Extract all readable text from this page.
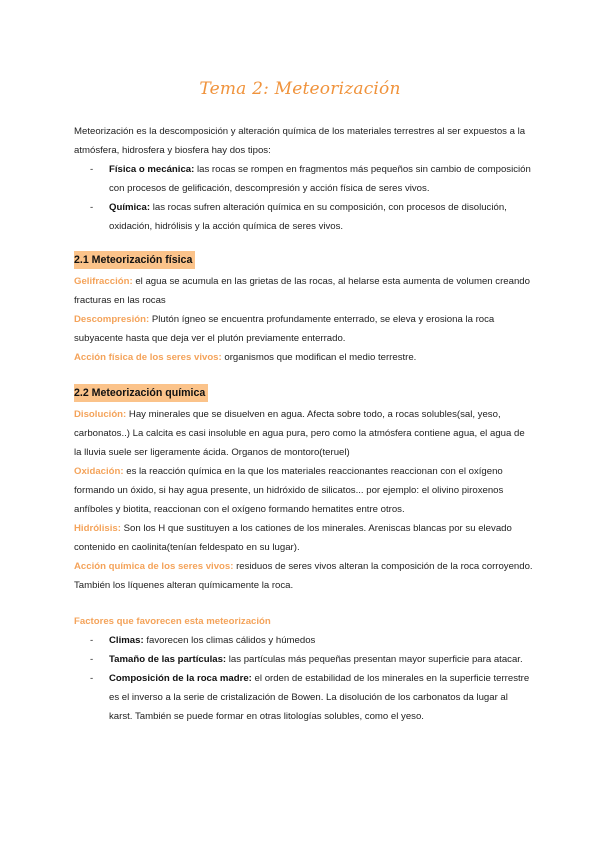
Tema 2: Meteorización
Meteorización es la descomposición y alteración química de los materiales terrestres al ser expuestos a la atmósfera, hidrosfera y biosfera hay dos tipos:
- Física o mecánica: las rocas se rompen en fragmentos más pequeños sin cambio de composición con procesos de gelificación, descompresión y acción física de seres vivos.
- Química: las rocas sufren alteración química en su composición, con procesos de disolución, oxidación, hidrólisis y la acción química de seres vivos.
2.1 Meteorización física
Gelifracción: el agua se acumula en las grietas de las rocas, al helarse esta aumenta de volumen creando fracturas en las rocas
Descompresión: Plutón ígneo se encuentra profundamente enterrado, se eleva y erosiona la roca subyacente hasta que deja ver el plutón previamente enterrado.
Acción física de los seres vivos: organismos que modifican el medio terrestre.
2.2 Meteorización química
Disolución: Hay minerales que se disuelven en agua. Afecta sobre todo, a rocas solubles(sal, yeso, carbonatos..) La calcita es casi insoluble en agua pura, pero como la atmósfera contiene agua, el agua de la lluvia suele ser ligeramente ácida. Organos de montoro(teruel)
Oxidación: es la reacción química en la que los materiales reaccionantes reaccionan con el oxígeno formando un óxido, si hay agua presente, un hidróxido de silicatos... por ejemplo: el olivino piroxenos anfíboles y biotita, reaccionan con el oxígeno formando hematites entre otros.
Hidrólisis: Son los H que sustituyen a los cationes de los minerales. Areniscas blancas por su elevado contenido en caolinita(tenían feldespato en su lugar).
Acción química de los seres vivos: residuos de seres vivos alteran la composición de la roca corroyendo. También los líquenes alteran químicamente la roca.
Factores que favorecen esta meteorización
- Climas: favorecen los climas cálidos y húmedos
- Tamaño de las partículas: las partículas más pequeñas presentan mayor superficie para atacar.
- Composición de la roca madre: el orden de estabilidad de los minerales en la superficie terrestre es el inverso a la serie de cristalización de Bowen. La disolución de los carbonatos da lugar al karst. También se puede formar en otras litologías solubles, como el yeso.
